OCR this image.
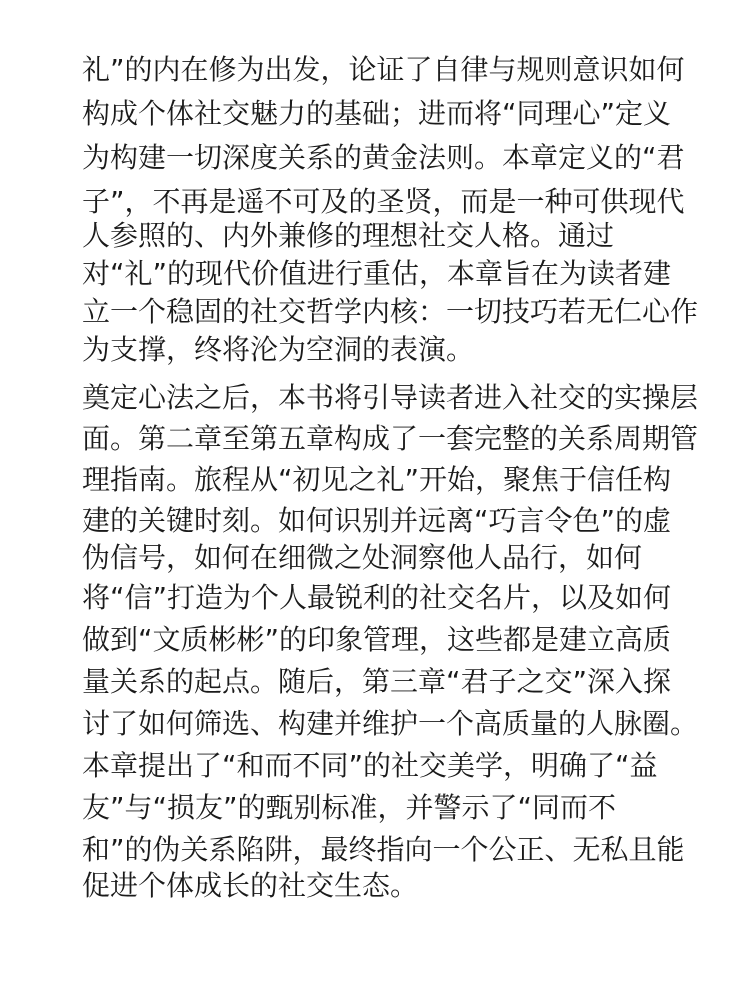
礼”的内在修为出发，论证了自律与规则意识如何
构成个体社交魅力的基础；进而将“同理心”定义
为构建一切深度关系的黄金法则。本章定义的“君
子”，不再是遥不可及的圣贤，而是一种可供现代
人参照的、内外兼修的理想社交人格。通过
对“礼”的现代价值进行重估，本章旨在为读者建
立一个稳固的社交哲学内核：一切技巧若无仁心作
为支撑，终将沦为空洞的表演。
奠定心法之后，本书将引导读者进入社交的实操层
面。第二章至第五章构成了一套完整的关系周期管
理指南。旅程从“初见之礼”开始，聚焦于信任构
建的关键时刻。如何识别并远离“巧言令色”的虚
伪信号，如何在细微之处洞察他人品行，如何
将“信”打造为个人最锐利的社交名片，以及如何
做到“文质彬彬”的印象管理，这些都是建立高质
量关系的起点。随后，第三章“君子之交”深入探
讨了如何筛选、构建并维护一个高质量的人脉圈。
本章提出了“和而不同”的社交美学，明确了“益
友”与“损友”的甄别标准，并警示了“同而不
和”的伪关系陷阱，最终指向一个公正、无私且能
促进个体成长的社交生态。
